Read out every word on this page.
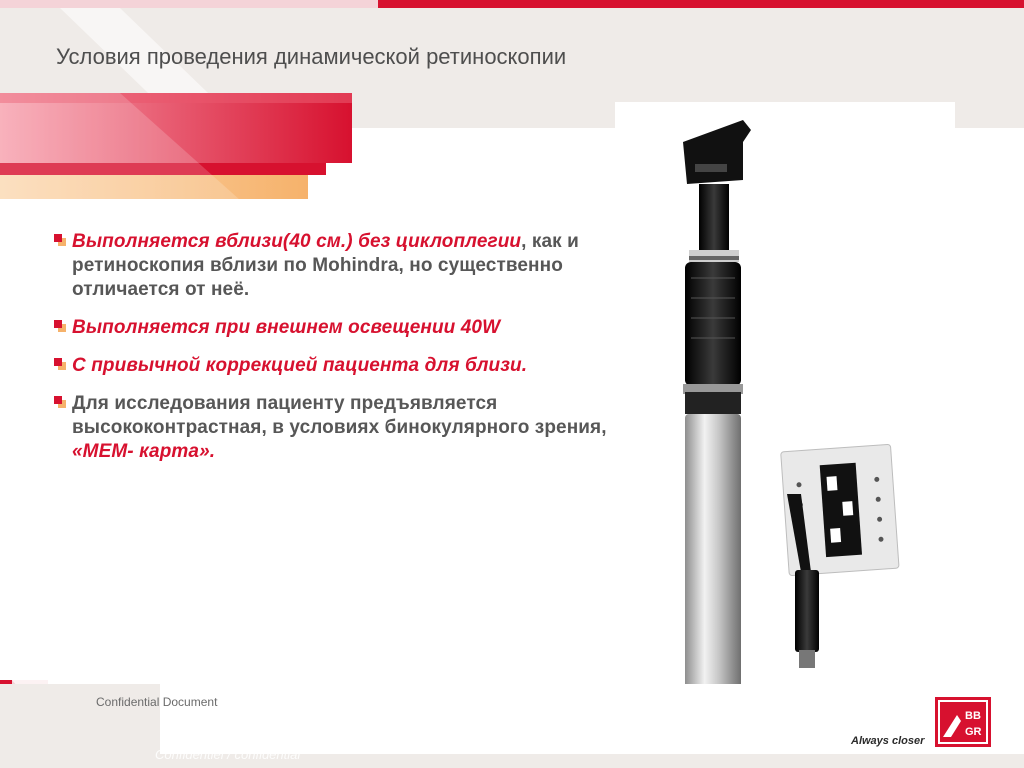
Условия проведения динамической ретиноскопии
Выполняется вблизи(40 см.) без циклоплегии, как и ретиноскопия вблизи по Mohindra, но существенно отличается от неё.
Выполняется при внешнем освещении 40W
С привычной коррекцией пациента для близи.
Для исследования пациенту предъявляется высококонтрастная, в условиях бинокулярного зрения, «МЕМ- карта».
Confidential Document
Confidentiel / confidential
Always closer
BB
GR
